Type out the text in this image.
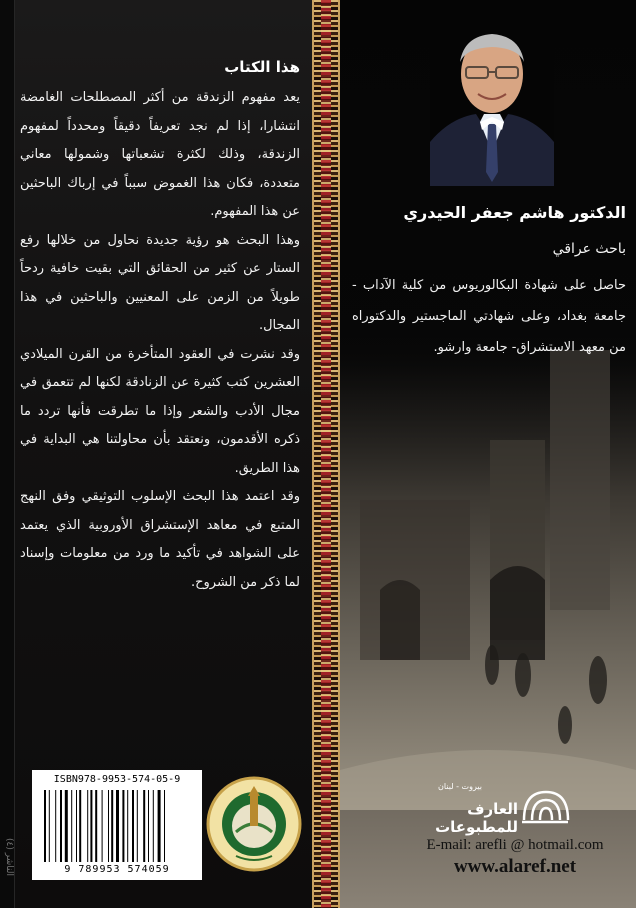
الناشر (٤)
هذا الكتاب

يعد مفهوم الزندقة من أكثر المصطلحات الغامضة انتشارا، إذا لم نجد تعريفاً دقيقاً ومحدداً لمفهوم الزندقة، وذلك لكثرة تشعباتها وشمولها معاني متعددة، فكان هذا الغموض سبباً في إرباك الباحثين عن هذا المفهوم.

وهذا البحث هو رؤية جديدة نحاول من خلالها رفع الستار عن كثير من الحقائق التي بقيت خافية ردحاً طويلاً من الزمن على المعنيين والباحثين في هذا المجال.

وقد نشرت في العقود المتأخرة من القرن الميلادي العشرين كتب كثيرة عن الزنادقة لكنها لم تتعمق في مجال الأدب والشعر وإذا ما تطرقت فأنها تردد ما ذكره الأقدمون، ونعتقد بأن محاولتنا هي البداية في هذا الطريق.

وقد اعتمد هذا البحث الإسلوب التوثيقي وفق النهج المتبع في معاهد الإستشراق الأوروبية الذي يعتمد على الشواهد في تأكيد ما ورد من معلومات وإسناد لما ذكر من الشروح.

الدكتور هاشم جعفر الحيدري
باحث عراقي
حاصل على شهادة البكالوريوس من كلية الآداب - جامعة بغداد، وعلى شهادتي الماجستير والدكتوراه من معهد الاستشراق- جامعة وارشو.
ISBN978-9953-574-05-9
9 789953 574059
بيروت - لبنان
العارف للمطبوعات
E-mail: arefli @ hotmail.com
www.alaref.net
